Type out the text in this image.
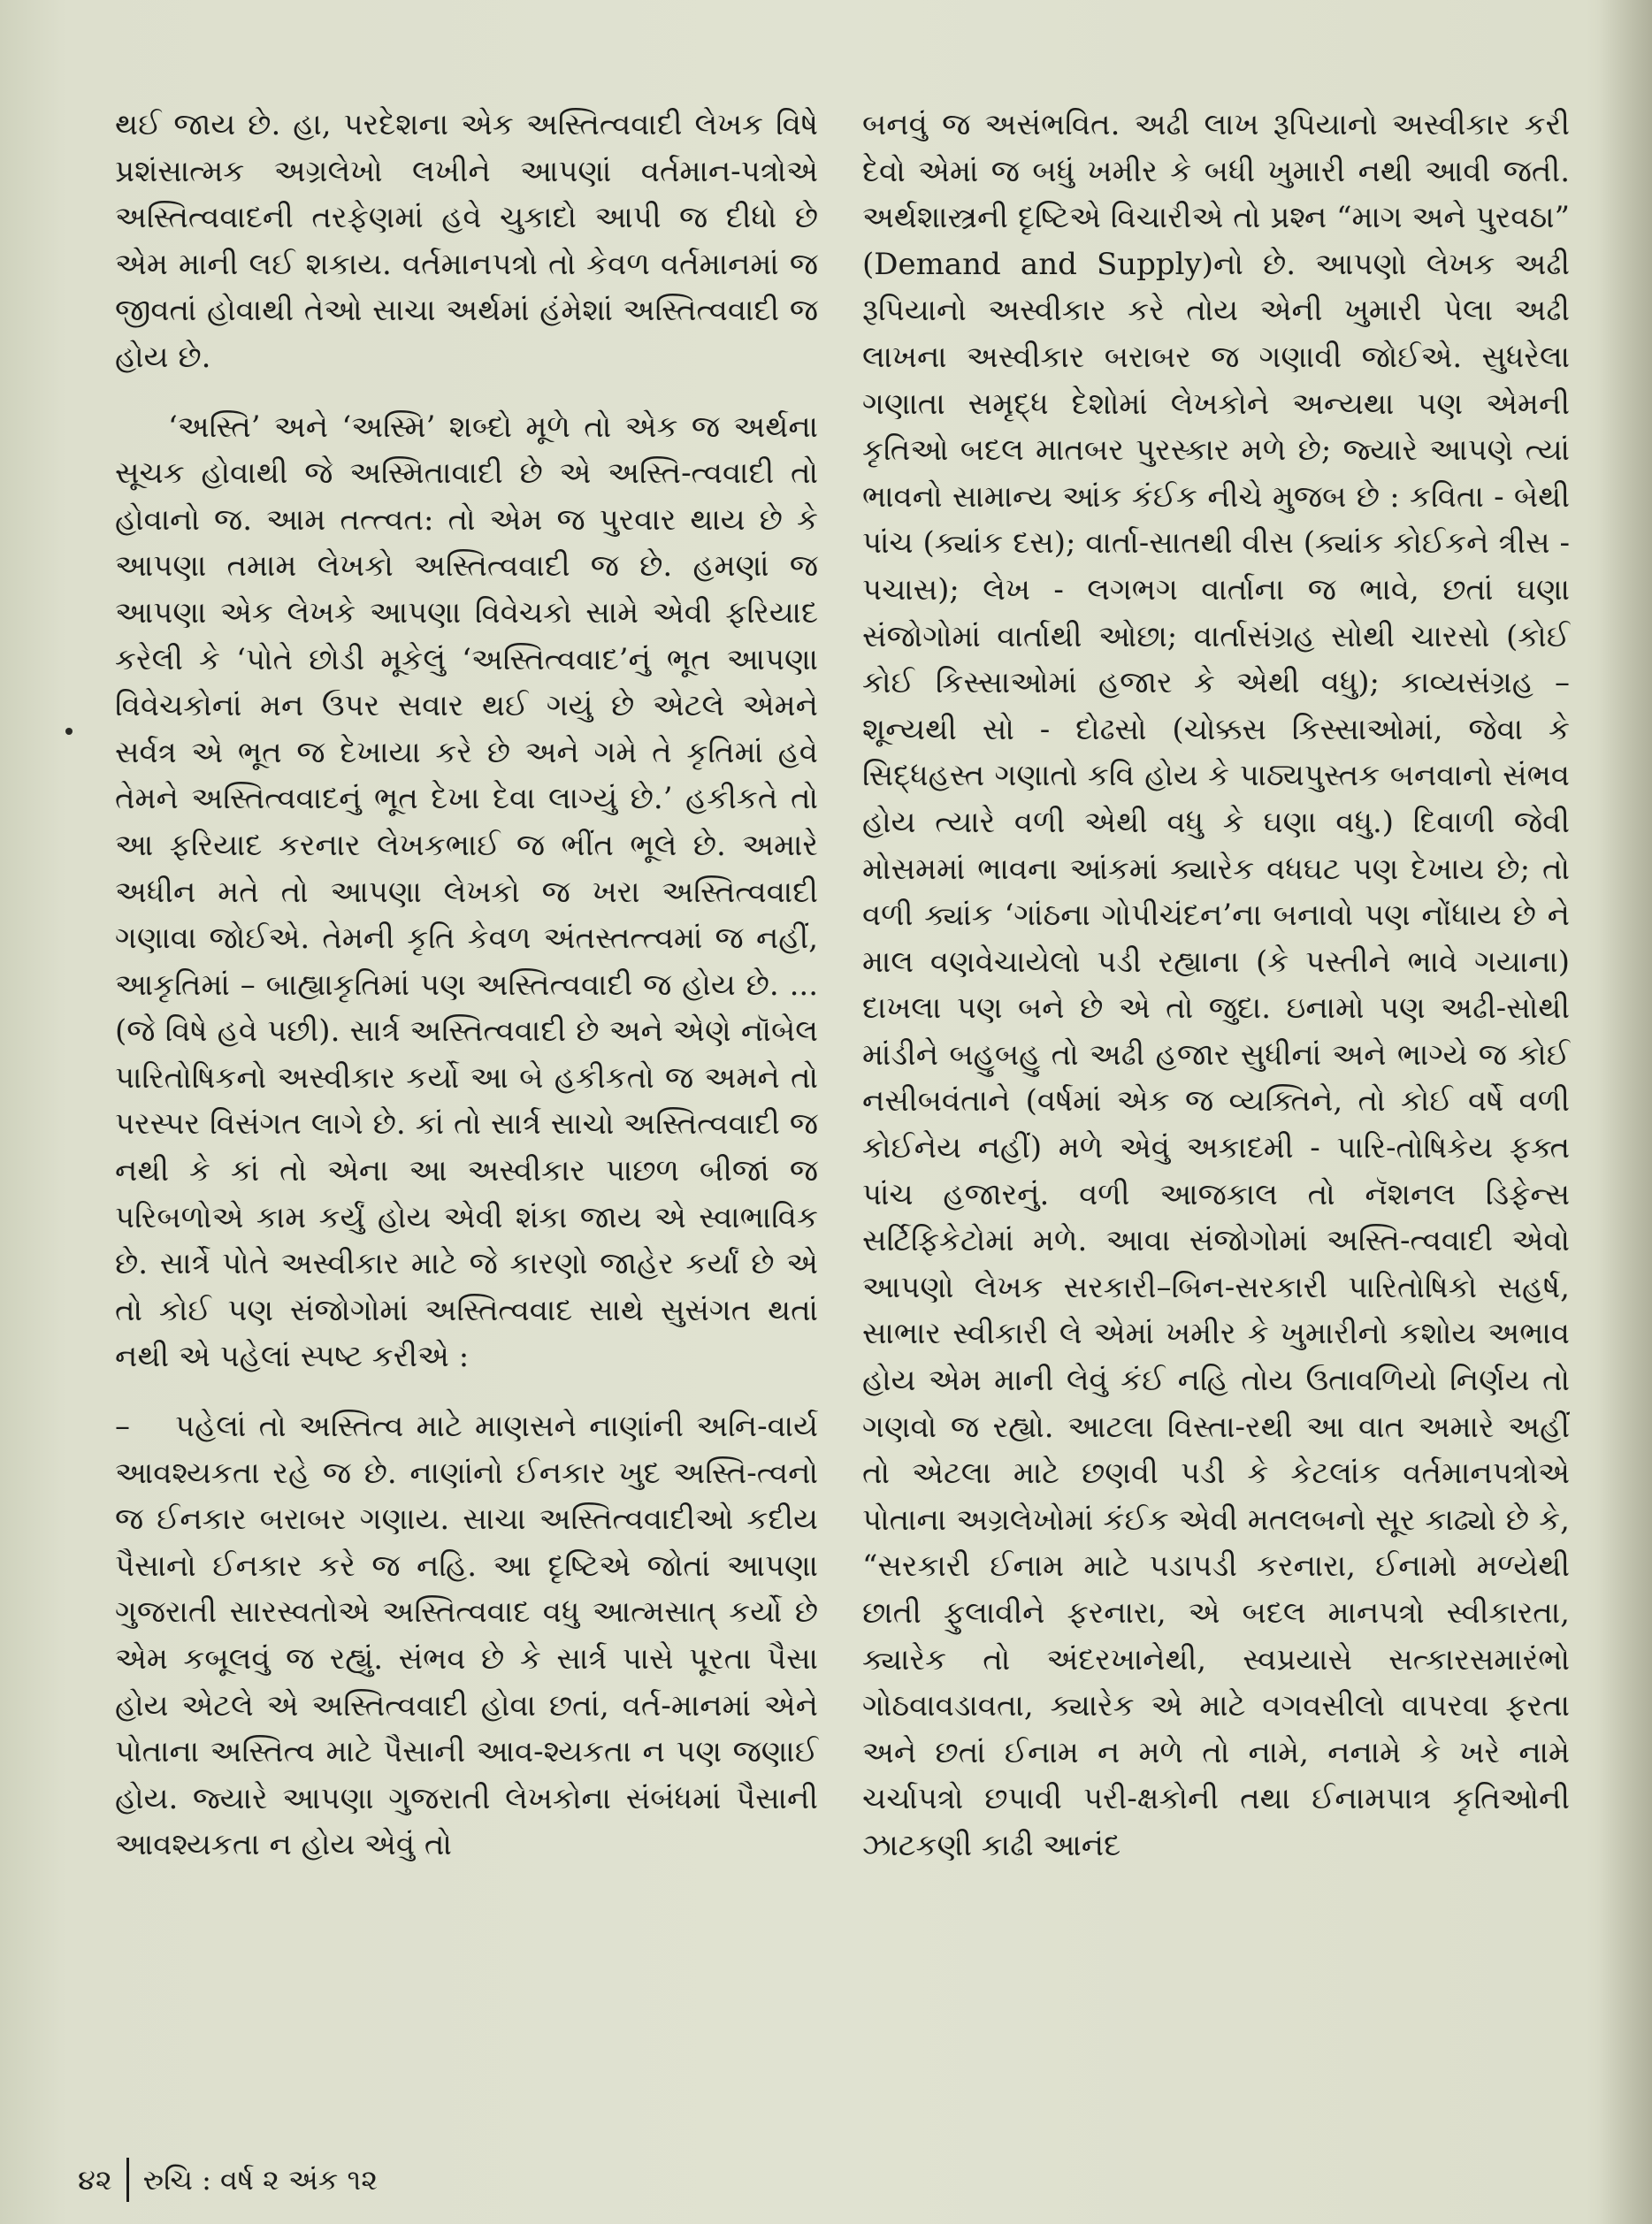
થઈ જાય છે. હા, પરદેશના એક અસ્તિત્વવાદી લેખક વિષે પ્રશંસાત્મક અગ્રલેખો લખીને આપણાં વર્તમાન-પત્રોએ અસ્તિત્વવાદની તરફેણમાં હવે ચુકાદો આપી જ દીધો છે એમ માની લઈ શકાય. વર્તમાનપત્રો તો કેવળ વર્તમાનમાં જ જીવતાં હોવાથી તેઓ સાચા અર્થમાં હંમેશાં અસ્તિત્વવાદી જ હોય છે.

‘અસ્તિ’ અને ‘અસ્મિ’ શબ્દો મૂળે તો એક જ અર્થના સૂચક હોવાથી જે અસ્મિતાવાદી છે એ અસ્તિ-ત્વવાદી તો હોવાનો જ. આમ તત્ત્વત: તો એમ જ પુરવાર થાય છે કે આપણા તમામ લેખકો અસ્તિત્વવાદી જ છે. હમણાં જ આપણા એક લેખકે આપણા વિવેચકો સામે એવી ફરિયાદ કરેલી કે ‘પોતે છોડી મૂકેલું ‘અસ્તિત્વવાદ’નું ભૂત આપણા વિવેચકોનાં મન ઉપર સવાર થઈ ગયું છે એટલે એમને સર્વત્ર એ ભૂત જ દેખાયા કરે છે અને ગમે તે કૃતિમાં હવે તેમને અસ્તિત્વવાદનું ભૂત દેખા દેવા લાગ્યું છે.’ હકીકતે તો આ ફરિયાદ કરનાર લેખકભાઈ જ ભીંત ભૂલે છે. અમારે અધીન મતે તો આપણા લેખકો જ ખરા અસ્તિત્વવાદી ગણાવા જોઈએ. તેમની કૃતિ કેવળ અંતસ્તત્ત્વમાં જ નહીં, આકૃતિમાં – બાહ્યાકૃતિમાં પણ અસ્તિત્વવાદી જ હોય છે. ... (જે વિષે હવે પછી). સાર્ત્ર અસ્તિત્વવાદી છે અને એણે નૉબેલ પારિતોષિકનો અસ્વીકાર કર્યો આ બે હકીકતો જ અમને તો પરસ્પર વિસંગત લાગે છે. કાં તો સાર્ત્ર સાચો અસ્તિત્વવાદી જ નથી કે કાં તો એના આ અસ્વીકાર પાછળ બીજાં જ પરિબળોએ કામ કર્યું હોય એવી શંકા જાય એ સ્વાભાવિક છે. સાર્ત્રે પોતે અસ્વીકાર માટે જે કારણો જાહેર કર્યાં છે એ તો કોઈ પણ સંજોગોમાં અસ્તિત્વવાદ સાથે સુસંગત થતાં નથી એ પહેલાં સ્પષ્ટ કરીએ :

– પહેલાં તો અસ્તિત્વ માટે માણસને નાણાંની અનિ-વાર્ય આવશ્યકતા રહે જ છે. નાણાંનો ઈનકાર ખુદ અસ્તિ-ત્વનો જ ઈનકાર બરાબર ગણાય. સાચા અસ્તિત્વવાદીઓ કદીય પૈસાનો ઈનકાર કરે જ નહિ. આ દૃષ્ટિએ જોતાં આપણા ગુજરાતી સારસ્વતોએ અસ્તિત્વવાદ વધુ આત્મસાત્ કર્યો છે એમ કબૂલવું જ રહ્યું. સંભવ છે કે સાર્ત્ર પાસે પૂરતા પૈસા હોય એટલે એ અસ્તિત્વવાદી હોવા છતાં, વર્ત-માનમાં એને પોતાના અસ્તિત્વ માટે પૈસાની આવ-શ્યકતા ન પણ જણાઈ હોય. જ્યારે આપણા ગુજરાતી લેખકોના સંબંધમાં પૈસાની આવશ્યકતા ન હોય એવું તો

બનવું જ અસંભવિત. અઢી લાખ રૂપિયાનો અસ્વીકાર કરી દેવો એમાં જ બધું ખમીર કે બધી ખુમારી નથી આવી જતી. અર્થશાસ્ત્રની દૃષ્ટિએ વિચારીએ તો પ્રશ્ન “માગ અને પુરવઠા” (Demand and Supply)નો છે. આપણો લેખક અઢી રૂપિયાનો અસ્વીકાર કરે તોય એની ખુમારી પેલા અઢી લાખના અસ્વીકાર બરાબર જ ગણાવી જોઈએ. સુધરેલા ગણાતા સમૃદ્ધ દેશોમાં લેખકોને અન્યથા પણ એમની કૃતિઓ બદલ માતબર પુરસ્કાર મળે છે; જ્યારે આપણે ત્યાં ભાવનો સામાન્ય આંક કંઈક નીચે મુજબ છે : કવિતા - બેથી પાંચ (ક્યાંક દસ); વાર્તા-સાતથી વીસ (ક્યાંક કોઈકને ત્રીસ - પચાસ); લેખ - લગભગ વાર્તાના જ ભાવે, છતાં ઘણા સંજોગોમાં વાર્તાથી ઓછા; વાર્તાસંગ્રહ સોથી ચારસો (કોઈ કોઈ કિસ્સાઓમાં હજાર કે એથી વધુ); કાવ્યસંગ્રહ – શૂન્યથી સો - દોઢસો (ચોક્કસ કિસ્સાઓમાં, જેવા કે સિદ્ધહસ્ત ગણાતો કવિ હોય કે પાઠ્યપુસ્તક બનવાનો સંભવ હોય ત્યારે વળી એથી વધુ કે ઘણા વધુ.) દિવાળી જેવી મોસમમાં ભાવના આંકમાં ક્યારેક વધઘટ પણ દેખાય છે; તો વળી ક્યાંક ‘ગાંઠના ગોપીચંદન’ના બનાવો પણ નોંધાય છે ને માલ વણવેચાયેલો પડી રહ્યાના (કે પસ્તીને ભાવે ગયાના) દાખલા પણ બને છે એ તો જુદા. ઇનામો પણ અઢી-સોથી માંડીને બહુબહુ તો અઢી હજાર સુધીનાં અને ભાગ્યે જ કોઈ નસીબવંતાને (વર્ષમાં એક જ વ્યક્તિને, તો કોઈ વર્ષે વળી કોઈનેય નહીં) મળે એવું અકાદમી - પારિ-તોષિકેય ફક્ત પાંચ હજારનું. વળી આજકાલ તો નૅશનલ ડિફેન્સ સર્ટિફિકેટોમાં મળે. આવા સંજોગોમાં અસ્તિ-ત્વવાદી એવો આપણો લેખક સરકારી–બિન-સરકારી પારિતોષિકો સહર્ષ, સાભાર સ્વીકારી લે એમાં ખમીર કે ખુમારીનો કશોય અભાવ હોય એમ માની લેવું કંઈ નહિ તોય ઉતાવળિયો નિર્ણય તો ગણવો જ રહ્યો. આટલા વિસ્તા-રથી આ વાત અમારે અહીં તો એટલા માટે છણવી પડી કે કેટલાંક વર્તમાનપત્રોએ પોતાના અગ્રલેખોમાં કંઈક એવી મતલબનો સૂર કાઢ્યો છે કે, “સરકારી ઈનામ માટે પડાપડી કરનારા, ઈનામો મળ્યેથી છાતી ફુલાવીને ફરનારા, એ બદલ માનપત્રો સ્વીકારતા, ક્યારેક તો અંદરખાનેથી, સ્વપ્રયાસે સત્કારસમારંભો ગોઠવાવડાવતા, ક્યારેક એ માટે વગવસીલો વાપરવા ફરતા અને છતાં ઈનામ ન મળે તો નામે, નનામે કે ખરે નામે ચર્ચાપત્રો છપાવી પરી-ક્ષકોની તથા ઈનામપાત્ર કૃતિઓની ઝાટકણી કાઢી આનંદ

૪૨	રુચિ : વર્ષ ૨ અંક ૧૨
